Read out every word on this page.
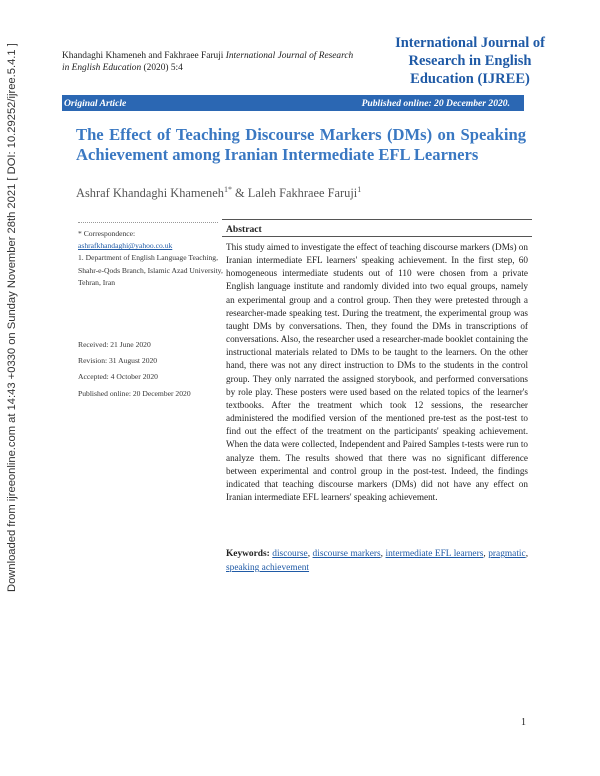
Downloaded from ijreeonline.com at 14:43 +0330 on Sunday November 28th 2021 [ DOI: 10.29252/ijree.5.4.1 ]	Khandaghi Khameneh and Fakhraee Faruji International Journal of Research in English Education (2020) 5:4
International Journal of
Research in English
Education (IJREE)
Original Article	Published online: 20 December 2020.
The Effect of Teaching Discourse Markers (DMs) on Speaking Achievement among Iranian Intermediate EFL Learners
Ashraf Khandaghi Khameneh$^{1*}$ & Laleh Fakhraee Faruji$^1$
* Correspondence:
ashrafkhandaghi@yahoo.co.uk
1. Department of English Language Teaching, Shahr-e-Qods Branch, Islamic Azad University, Tehran, Iran
Received: 21 June 2020
Revision: 31 August 2020
Accepted: 4 October 2020
Published online: 20 December 2020
Abstract
This study aimed to investigate the effect of teaching discourse markers (DMs) on Iranian intermediate EFL learners' speaking achievement. In the first step, 60 homogeneous intermediate students out of 110 were chosen from a private English language institute and randomly divided into two equal groups, namely an experimental group and a control group. Then they were pretested through a researcher-made speaking test. During the treatment, the experimental group was taught DMs by conversations. Then, they found the DMs in transcriptions of conversations. Also, the researcher used a researcher-made booklet containing the instructional materials related to DMs to be taught to the learners. On the other hand, there was not any direct instruction to DMs to the students in the control group. They only narrated the assigned storybook, and performed conversations by role play. These posters were used based on the related topics of the learner's textbooks. After the treatment which took 12 sessions, the researcher administered the modified version of the mentioned pre-test as the post-test to find out the effect of the treatment on the participants' speaking achievement. When the data were collected, Independent and Paired Samples t-tests were run to analyze them. The results showed that there was no significant difference between experimental and control group in the post-test. Indeed, the findings indicated that teaching discourse markers (DMs) did not have any effect on Iranian intermediate EFL learners' speaking achievement.
Keywords: discourse, discourse markers, intermediate EFL learners, pragmatic, speaking achievement
1
